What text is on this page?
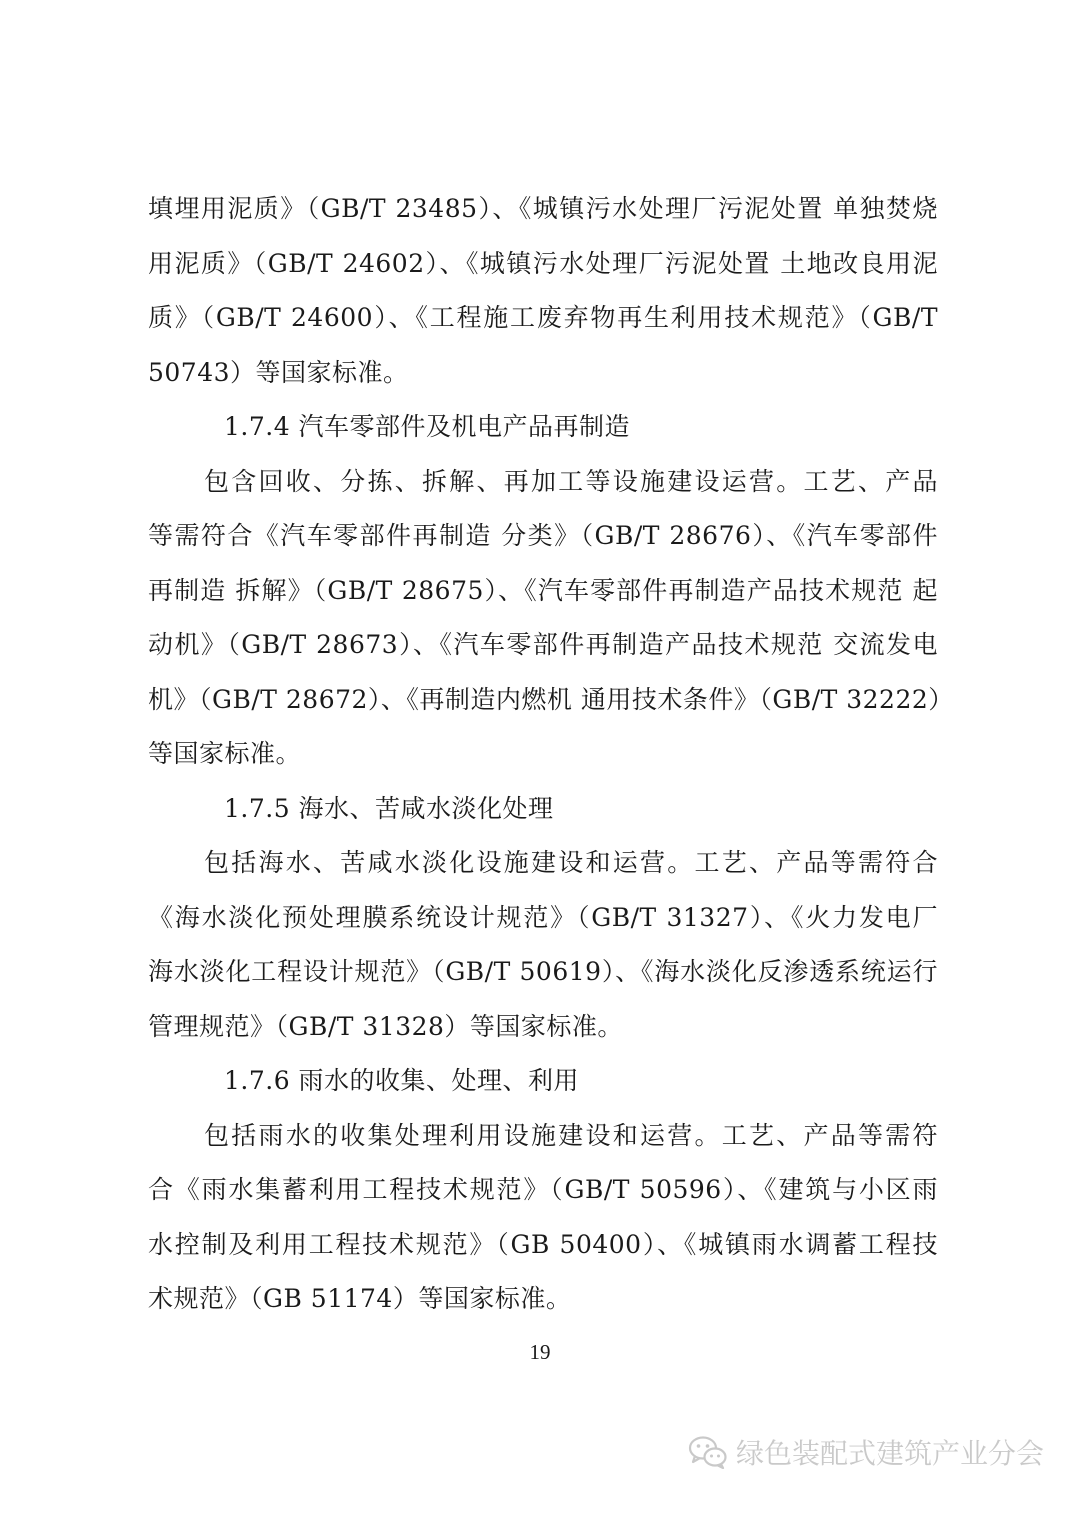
填埋用泥质》（GB/T 23485）、《城镇污水处理厂污泥处置 单独焚烧
用泥质》（GB/T 24602）、《城镇污水处理厂污泥处置 土地改良用泥
质》（GB/T 24600）、《工程施工废弃物再生利用技术规范》（GB/T
50743）等国家标准。
1.7.4 汽车零部件及机电产品再制造
包含回收、分拣、拆解、再加工等设施建设运营。工艺、产品
等需符合《汽车零部件再制造 分类》（GB/T 28676）、《汽车零部件
再制造 拆解》（GB/T 28675）、《汽车零部件再制造产品技术规范 起
动机》（GB/T 28673）、《汽车零部件再制造产品技术规范 交流发电
机》（GB/T 28672）、《再制造内燃机 通用技术条件》（GB/T 32222）
等国家标准。
1.7.5 海水、苦咸水淡化处理
包括海水、苦咸水淡化设施建设和运营。工艺、产品等需符合
《海水淡化预处理膜系统设计规范》（GB/T 31327）、《火力发电厂
海水淡化工程设计规范》（GB/T 50619）、《海水淡化反渗透系统运行
管理规范》（GB/T 31328）等国家标准。
1.7.6 雨水的收集、处理、利用
包括雨水的收集处理利用设施建设和运营。工艺、产品等需符
合《雨水集蓄利用工程技术规范》（GB/T 50596）、《建筑与小区雨
水控制及利用工程技术规范》（GB 50400）、《城镇雨水调蓄工程技
术规范》（GB 51174）等国家标准。
19
绿色装配式建筑产业分会
